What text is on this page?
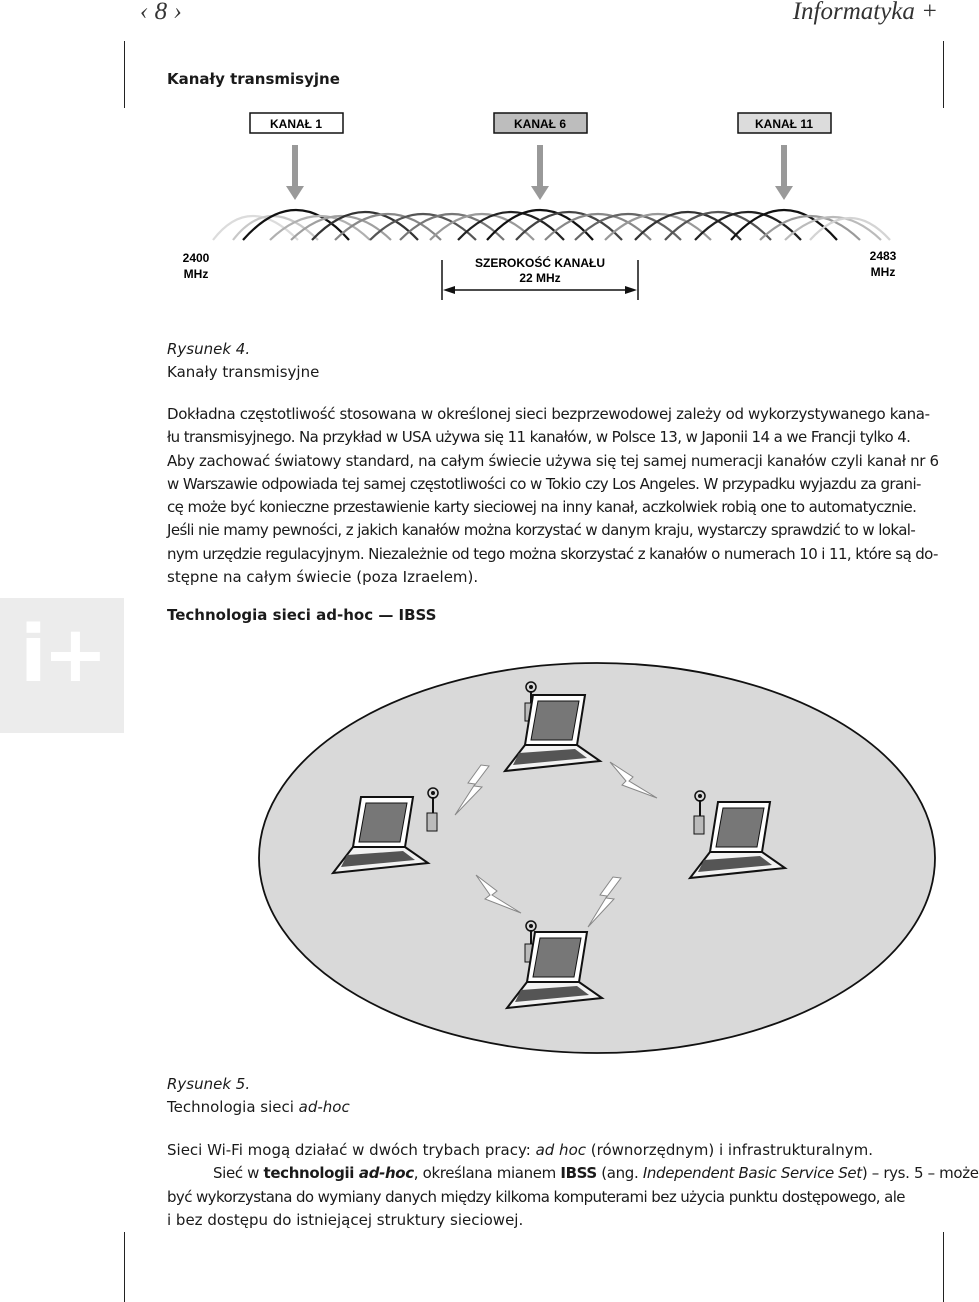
‹ 8 ›	Informatyka +
i+
Kanały transmisyjne
KANAŁ 1	KANAŁ 6	KANAŁ 11
2400
MHz
2483
MHz
SZEROKOŚĆ KANAŁU
22 MHz
Rysunek 4.
Kanały transmisyjne
Dokładna częstotliwość stosowana w określonej sieci bezprzewodowej zależy od wykorzystywanego kana-
łu transmisyjnego. Na przykład w USA używa się 11 kanałów, w Polsce 13, w Japonii 14 a we Francji tylko 4.
Aby zachować światowy standard, na całym świecie używa się tej samej numeracji kanałów czyli kanał nr 6
w Warszawie odpowiada tej samej częstotliwości co w Tokio czy Los Angeles. W przypadku wyjazdu za grani-
cę może być konieczne przestawienie karty sieciowej na inny kanał, aczkolwiek robią one to automatycznie.
Jeśli nie mamy pewności, z jakich kanałów można korzystać w danym kraju, wystarczy sprawdzić to w lokal-
nym urzędzie regulacyjnym. Niezależnie od tego można skorzystać z kanałów o numerach 10 i 11, które są do-
stępne na całym świecie (poza Izraelem).
Technologia sieci ad-hoc — IBSS
Rysunek 5.
Technologia sieci ad-hoc
Sieci Wi-Fi mogą działać w dwóch trybach pracy: ad hoc (równorzędnym) i infrastrukturalnym.
Sieć w technologii ad-hoc, określana mianem IBSS (ang. Independent Basic Service Set) – rys. 5 – może
być wykorzystana do wymiany danych między kilkoma komputerami bez użycia punktu dostępowego, ale
i bez dostępu do istniejącej struktury sieciowej.
